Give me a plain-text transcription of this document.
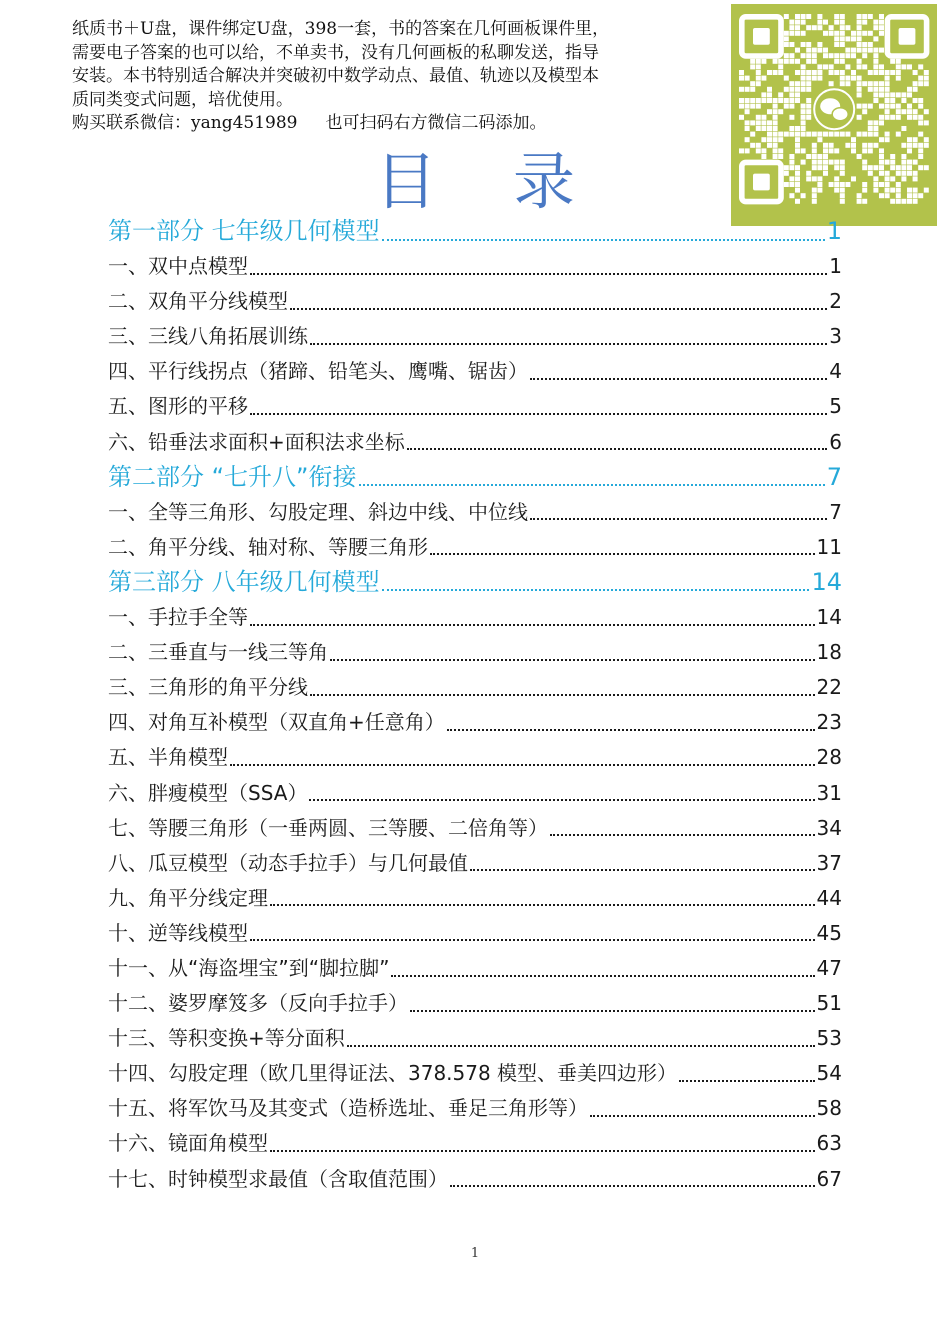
纸质书＋U盘，课件绑定U盘，398一套，书的答案在几何画板课件里，

需要电子答案的也可以给，不单卖书，没有几何画板的私聊发送，指导

安装。本书特别适合解决并突破初中数学动点、最值、轨迹以及模型本

质同类变式问题，培优使用。

购买联系微信：yang451989 也可扫码右方微信二码添加。

目 录
第一部分 七年级几何模型	1
一、双中点模型	1
二、双角平分线模型	2
三、三线八角拓展训练	3
四、平行线拐点（猪蹄、铅笔头、鹰嘴、锯齿）	4
五、图形的平移	5
六、铅垂法求面积+面积法求坐标	6
第二部分 “七升八”衔接	7
一、全等三角形、勾股定理、斜边中线、中位线	7
二、角平分线、轴对称、等腰三角形	11
第三部分 八年级几何模型	14
一、手拉手全等	14
二、三垂直与一线三等角	18
三、三角形的角平分线	22
四、对角互补模型（双直角+任意角）	23
五、半角模型	28
六、胖瘦模型（SSA）	31
七、等腰三角形（一垂两圆、三等腰、二倍角等）	34
八、瓜豆模型（动态手拉手）与几何最值	37
九、角平分线定理	44
十、逆等线模型	45
十一、从“海盗埋宝”到“脚拉脚”	47
十二、婆罗摩笈多（反向手拉手）	51
十三、等积变换+等分面积	53
十四、勾股定理（欧几里得证法、378.578 模型、垂美四边形）	54
十五、将军饮马及其变式（造桥选址、垂足三角形等）	58
十六、镜面角模型	63
十七、时钟模型求最值（含取值范围）	67
1
